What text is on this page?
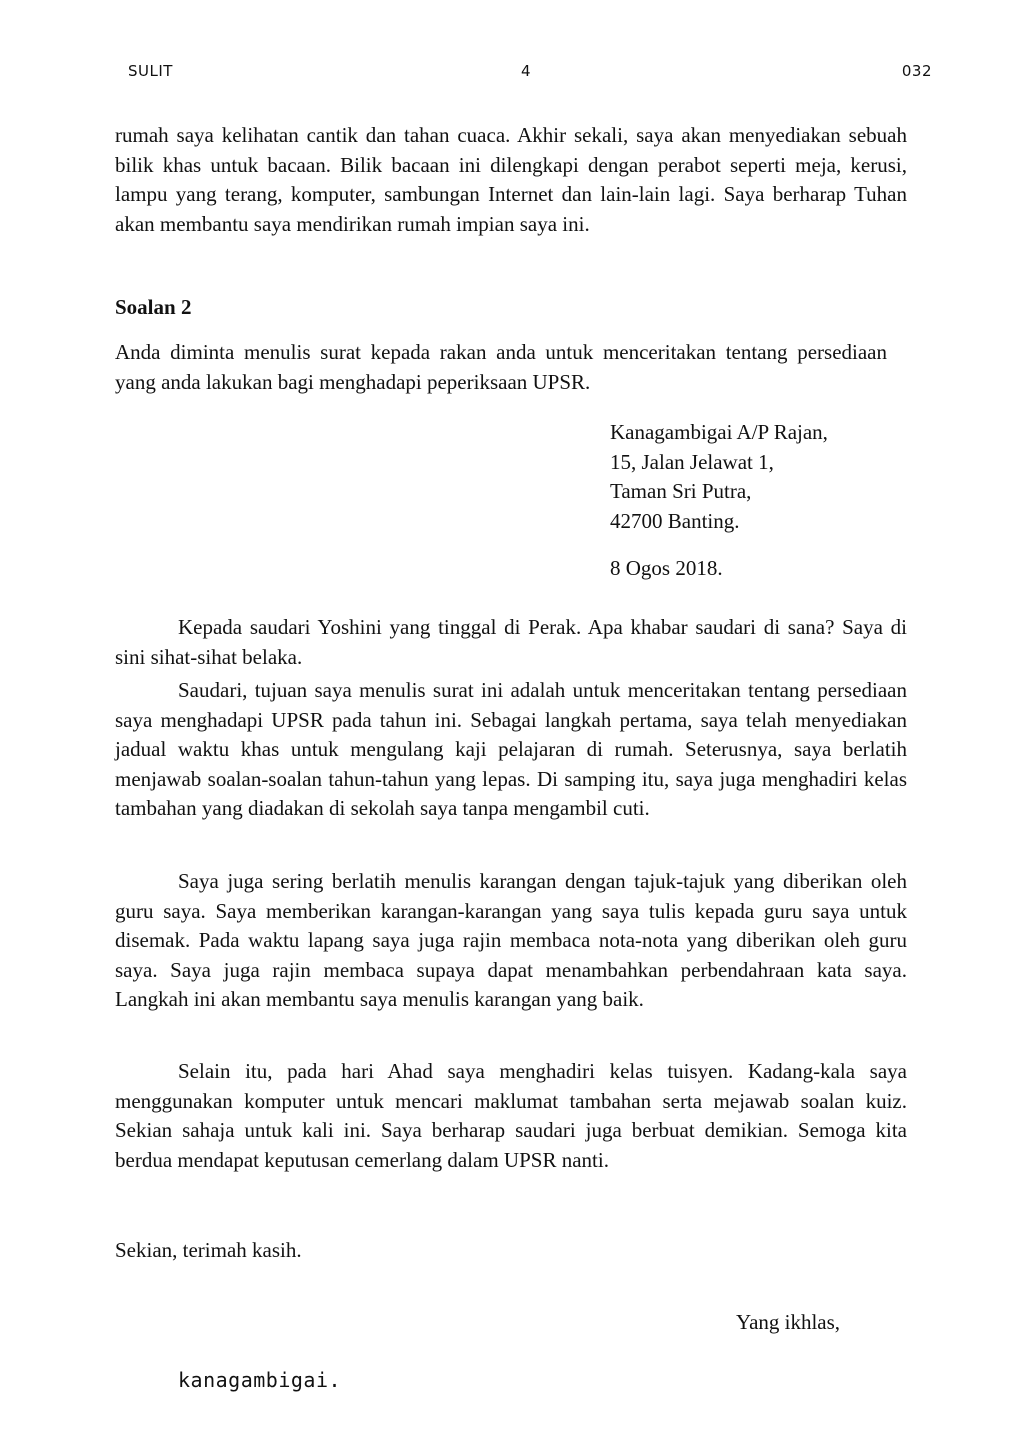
SULIT	4	032

rumah saya kelihatan cantik dan tahan cuaca. Akhir sekali, saya akan menyediakan sebuah bilik khas untuk bacaan. Bilik bacaan ini dilengkapi dengan perabot seperti meja, kerusi, lampu yang terang, komputer, sambungan Internet dan lain-lain lagi. Saya berharap Tuhan akan membantu saya mendirikan rumah impian saya ini.

Soalan 2

Anda diminta menulis surat kepada rakan anda untuk menceritakan tentang persediaan yang anda lakukan bagi menghadapi peperiksaan UPSR.

Kanagambigai A/P Rajan,
15, Jalan Jelawat 1,
Taman Sri Putra,
42700 Banting.
8 Ogos 2018.

Kepada saudari Yoshini yang tinggal di Perak. Apa khabar saudari di sana? Saya di sini sihat-sihat belaka.

Saudari, tujuan saya menulis surat ini adalah untuk menceritakan tentang persediaan saya menghadapi UPSR pada tahun ini. Sebagai langkah pertama, saya telah menyediakan jadual waktu khas untuk mengulang kaji pelajaran di rumah. Seterusnya, saya berlatih menjawab soalan-soalan tahun-tahun yang lepas. Di samping itu, saya juga menghadiri kelas tambahan yang diadakan di sekolah saya tanpa mengambil cuti.

Saya juga sering berlatih menulis karangan dengan tajuk-tajuk yang diberikan oleh guru saya. Saya memberikan karangan-karangan yang saya tulis kepada guru saya untuk disemak. Pada waktu lapang saya juga rajin membaca nota-nota yang diberikan oleh guru saya. Saya juga rajin membaca supaya dapat menambahkan perbendahraan kata saya. Langkah ini akan membantu saya menulis karangan yang baik.

Selain itu, pada hari Ahad saya menghadiri kelas tuisyen. Kadang-kala saya menggunakan komputer untuk mencari maklumat tambahan serta mejawab soalan kuiz. Sekian sahaja untuk kali ini. Saya berharap saudari juga berbuat demikian. Semoga kita berdua mendapat keputusan cemerlang dalam UPSR nanti.

Sekian, terimah kasih.
Yang ikhlas,
kanagambigai.
